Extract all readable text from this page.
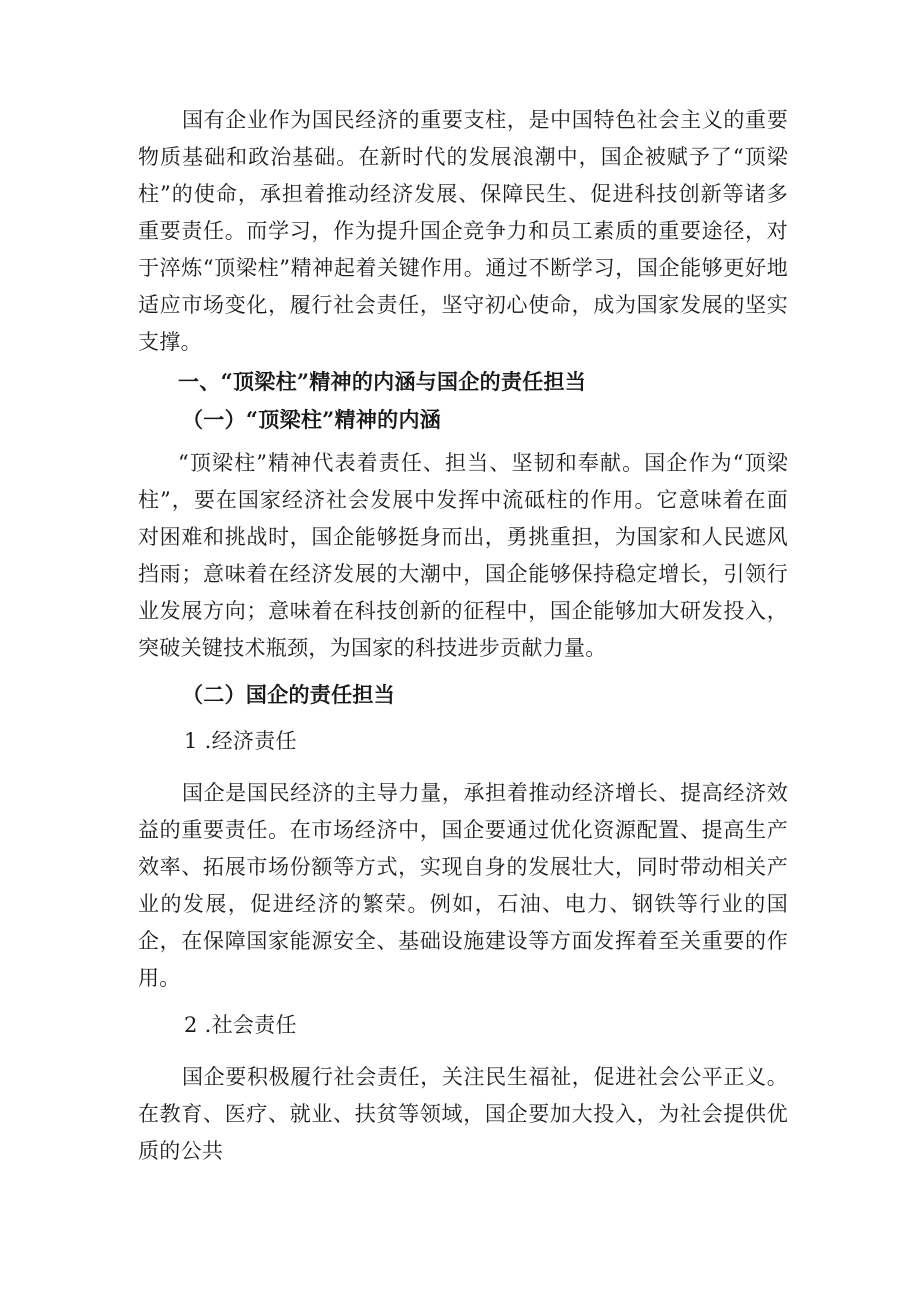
国有企业作为国民经济的重要支柱，是中国特色社会主义的重要物质基础和政治基础。在新时代的发展浪潮中，国企被赋予了“顶梁柱”的使命，承担着推动经济发展、保障民生、促进科技创新等诸多重要责任。而学习，作为提升国企竞争力和员工素质的重要途径，对于淬炼“顶梁柱”精神起着关键作用。通过不断学习，国企能够更好地适应市场变化，履行社会责任，坚守初心使命，成为国家发展的坚实支撑。

一、“顶梁柱”精神的内涵与国企的责任担当

（一）“顶梁柱”精神的内涵

“顶梁柱”精神代表着责任、担当、坚韧和奉献。国企作为“顶梁柱”，要在国家经济社会发展中发挥中流砥柱的作用。它意味着在面对困难和挑战时，国企能够挺身而出，勇挑重担，为国家和人民遮风挡雨；意味着在经济发展的大潮中，国企能够保持稳定增长，引领行业发展方向；意味着在科技创新的征程中，国企能够加大研发投入，突破关键技术瓶颈，为国家的科技进步贡献力量。

（二）国企的责任担当

1 .经济责任

国企是国民经济的主导力量，承担着推动经济增长、提高经济效益的重要责任。在市场经济中，国企要通过优化资源配置、提高生产效率、拓展市场份额等方式，实现自身的发展壮大，同时带动相关产业的发展，促进经济的繁荣。例如，石油、电力、钢铁等行业的国企，在保障国家能源安全、基础设施建设等方面发挥着至关重要的作用。

2 .社会责任

国企要积极履行社会责任，关注民生福祉，促进社会公平正义。在教育、医疗、就业、扶贫等领域，国企要加大投入，为社会提供优质的公共
